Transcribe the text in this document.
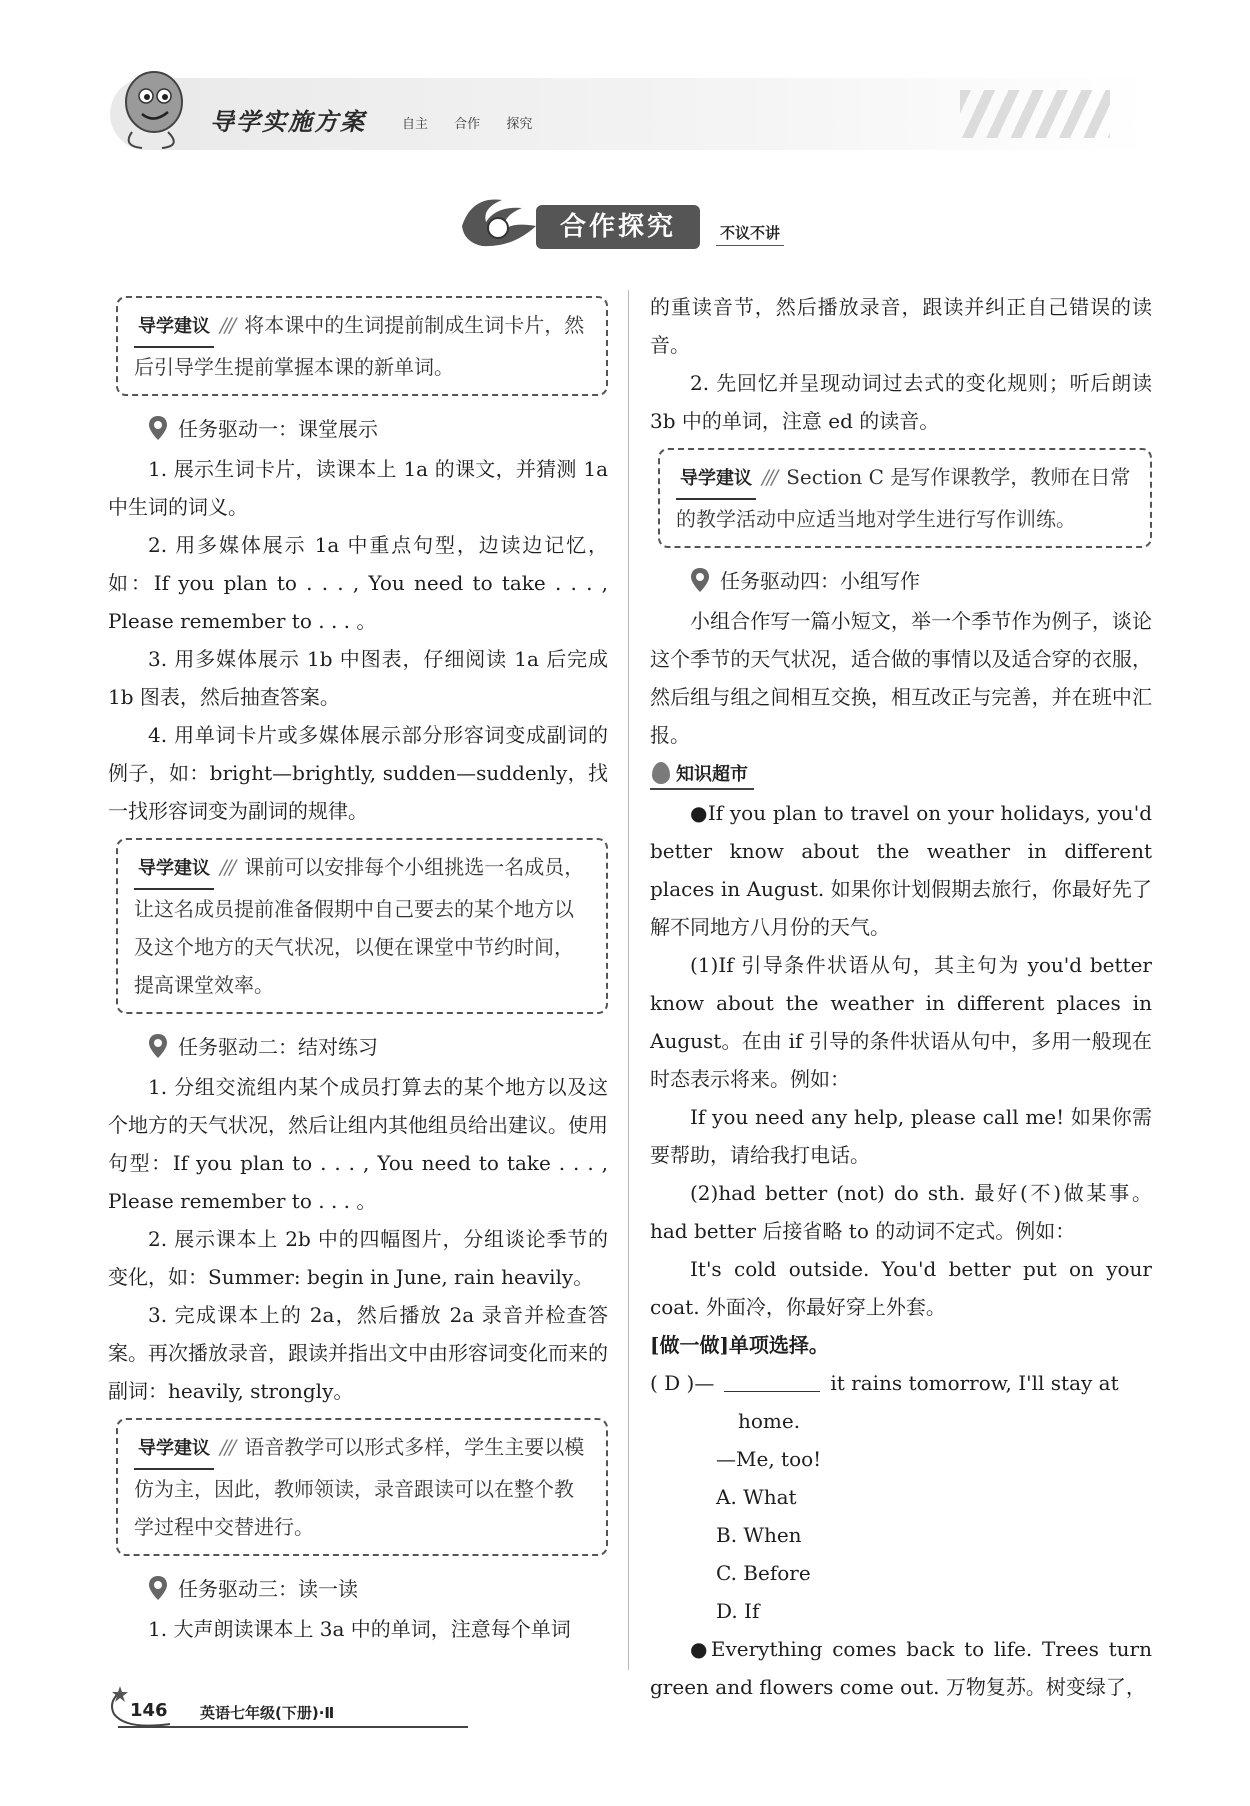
导学实施方案	自主 合作 探究
合作探究	不议不讲
导学建议 /// 将本课中的生词提前制成生词卡片，然后引导学生提前掌握本课的新单词。
任务驱动一：课堂展示

1. 展示生词卡片，读课本上 1a 的课文，并猜测 1a 中生词的词义。

2. 用多媒体展示 1a 中重点句型，边读边记忆，如：If you plan to . . . , You need to take . . . , Please remember to . . . 。

3. 用多媒体展示 1b 中图表，仔细阅读 1a 后完成 1b 图表，然后抽查答案。

4. 用单词卡片或多媒体展示部分形容词变成副词的例子，如：bright—brightly, sudden—suddenly，找一找形容词变为副词的规律。

导学建议 /// 课前可以安排每个小组挑选一名成员，让这名成员提前准备假期中自己要去的某个地方以及这个地方的天气状况，以便在课堂中节约时间，提高课堂效率。
任务驱动二：结对练习

1. 分组交流组内某个成员打算去的某个地方以及这个地方的天气状况，然后让组内其他组员给出建议。使用句型：If you plan to . . . , You need to take . . . , Please remember to . . . 。

2. 展示课本上 2b 中的四幅图片，分组谈论季节的变化，如：Summer: begin in June, rain heavily。

3. 完成课本上的 2a，然后播放 2a 录音并检查答案。再次播放录音，跟读并指出文中由形容词变化而来的副词：heavily, strongly。

导学建议 /// 语音教学可以形式多样，学生主要以模仿为主，因此，教师领读，录音跟读可以在整个教学过程中交替进行。
任务驱动三：读一读

1. 大声朗读课本上 3a 中的单词，注意每个单词

的重读音节，然后播放录音，跟读并纠正自己错误的读音。

2. 先回忆并呈现动词过去式的变化规则；听后朗读 3b 中的单词，注意 ed 的读音。

导学建议 /// Section C 是写作课教学，教师在日常的教学活动中应适当地对学生进行写作训练。
任务驱动四：小组写作

小组合作写一篇小短文，举一个季节作为例子，谈论这个季节的天气状况，适合做的事情以及适合穿的衣服，然后组与组之间相互交换，相互改正与完善，并在班中汇报。

知识超市

●If you plan to travel on your holidays, you'd better know about the weather in different places in August. 如果你计划假期去旅行，你最好先了解不同地方八月份的天气。

(1)If 引导条件状语从句，其主句为 you'd better know about the weather in different places in August。在由 if 引导的条件状语从句中，多用一般现在时态表示将来。例如：

If you need any help, please call me! 如果你需要帮助，请给我打电话。

(2)had better (not) do sth. 最好(不)做某事。had better 后接省略 to 的动词不定式。例如：

It's cold outside. You'd better put on your coat. 外面冷，你最好穿上外套。

[做一做]单项选择。

( D )—	it rains tomorrow, I'll stay at

home.

—Me, too!

A. WhatB. When
C. BeforeD. If

●Everything comes back to life. Trees turn green and flowers come out. 万物复苏。树变绿了，

146 英语七年级(下册)·Ⅱ
